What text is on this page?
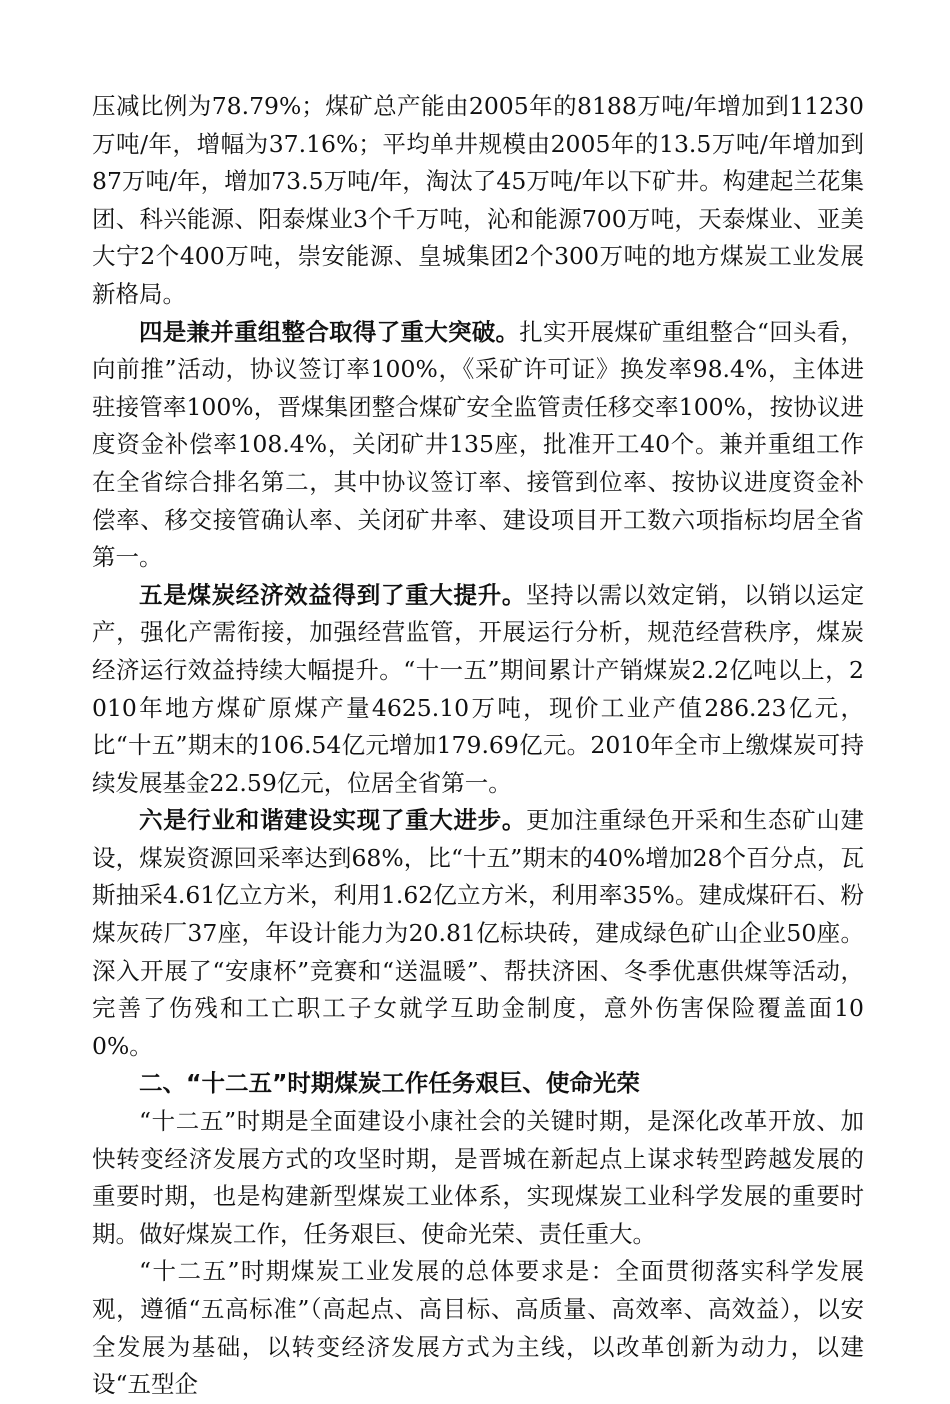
压减比例为78.79%；煤矿总产能由2005年的8188万吨/年增加到11230万吨/年，增幅为37.16%；平均单井规模由2005年的13.5万吨/年增加到87万吨/年，增加73.5万吨/年，淘汰了45万吨/年以下矿井。构建起兰花集团、科兴能源、阳泰煤业3个千万吨，沁和能源700万吨，天泰煤业、亚美大宁2个400万吨，崇安能源、皇城集团2个300万吨的地方煤炭工业发展新格局。

四是兼并重组整合取得了重大突破。扎实开展煤矿重组整合“回头看，向前推”活动，协议签订率100%，《采矿许可证》换发率98.4%，主体进驻接管率100%，晋煤集团整合煤矿安全监管责任移交率100%，按协议进度资金补偿率108.4%，关闭矿井135座，批准开工40个。兼并重组工作在全省综合排名第二，其中协议签订率、接管到位率、按协议进度资金补偿率、移交接管确认率、关闭矿井率、建设项目开工数六项指标均居全省第一。

五是煤炭经济效益得到了重大提升。坚持以需以效定销，以销以运定产，强化产需衔接，加强经营监管，开展运行分析，规范经营秩序，煤炭经济运行效益持续大幅提升。“十一五”期间累计产销煤炭2.2亿吨以上，2010年地方煤矿原煤产量4625.10万吨，现价工业产值286.23亿元，比“十五”期末的106.54亿元增加179.69亿元。2010年全市上缴煤炭可持续发展基金22.59亿元，位居全省第一。

六是行业和谐建设实现了重大进步。更加注重绿色开采和生态矿山建设，煤炭资源回采率达到68%，比“十五”期末的40%增加28个百分点，瓦斯抽采4.61亿立方米，利用1.62亿立方米，利用率35%。建成煤矸石、粉煤灰砖厂37座，年设计能力为20.81亿标块砖，建成绿色矿山企业50座。深入开展了“安康杯”竞赛和“送温暖”、帮扶济困、冬季优惠供煤等活动，完善了伤残和工亡职工子女就学互助金制度，意外伤害保险覆盖面100%。

二、“十二五”时期煤炭工作任务艰巨、使命光荣

“十二五”时期是全面建设小康社会的关键时期，是深化改革开放、加快转变经济发展方式的攻坚时期，是晋城在新起点上谋求转型跨越发展的重要时期，也是构建新型煤炭工业体系，实现煤炭工业科学发展的重要时期。做好煤炭工作，任务艰巨、使命光荣、责任重大。

“十二五”时期煤炭工业发展的总体要求是：全面贯彻落实科学发展观，遵循“五高标准”（高起点、高目标、高质量、高效率、高效益），以安全发展为基础，以转变经济发展方式为主线，以改革创新为动力，以建设“五型企
